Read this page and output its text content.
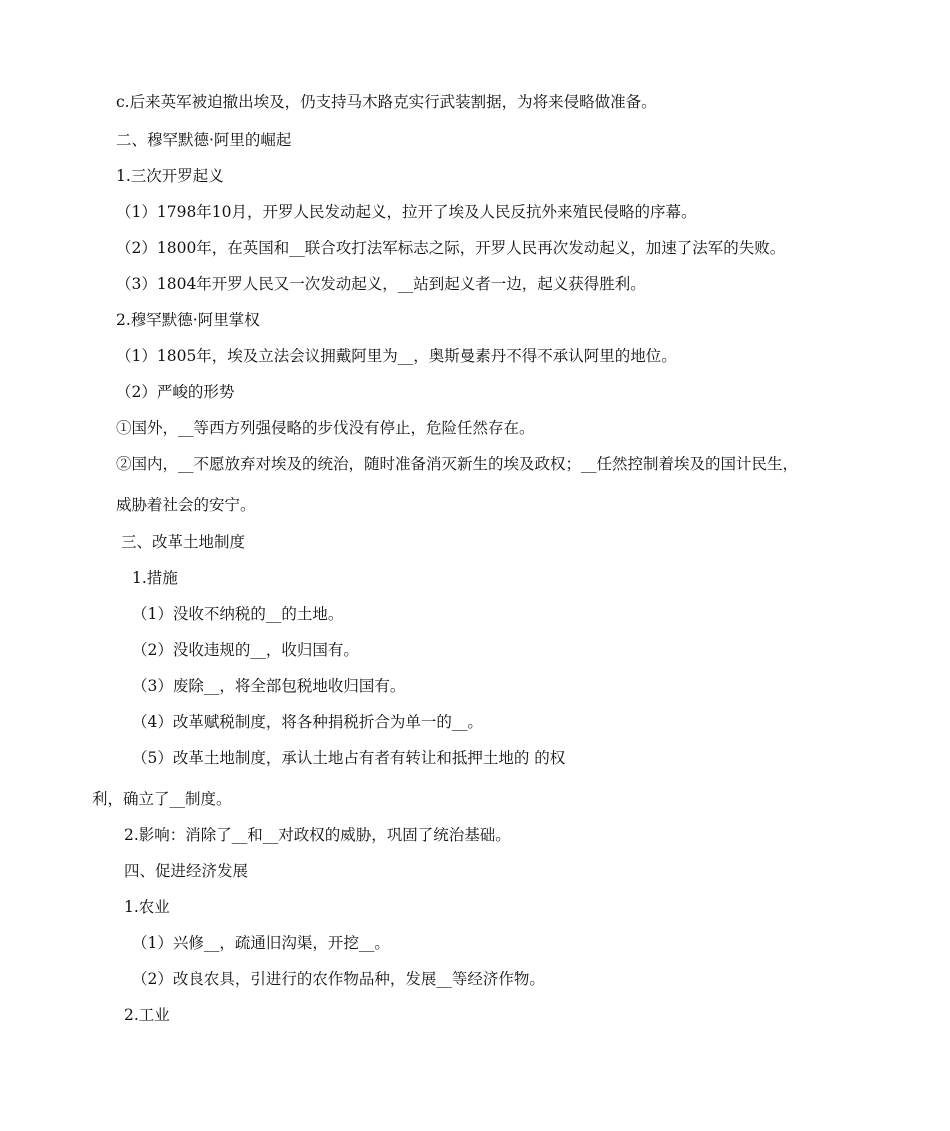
c.后来英军被迫撤出埃及，仍支持马木路克实行武装割据，为将来侵略做准备。
二、穆罕默德·阿里的崛起
1.三次开罗起义
（1）1798年10月，开罗人民发动起义，拉开了埃及人民反抗外来殖民侵略的序幕。
（2）1800年，在英国和__联合攻打法军标志之际，开罗人民再次发动起义，加速了法军的失败。
（3）1804年开罗人民又一次发动起义，__站到起义者一边，起义获得胜利。
2.穆罕默德·阿里掌权
（1）1805年，埃及立法会议拥戴阿里为__，奥斯曼素丹不得不承认阿里的地位。
（2）严峻的形势
①国外，__等西方列强侵略的步伐没有停止，危险任然存在。
②国内，__不愿放弃对埃及的统治，随时准备消灭新生的埃及政权；__任然控制着埃及的国计民生，
威胁着社会的安宁。
三、改革土地制度
1.措施
（1）没收不纳税的__的土地。
（2）没收违规的__，收归国有。
（3）废除__，将全部包税地收归国有。
（4）改革赋税制度，将各种捐税折合为单一的__。
（5）改革土地制度，承认土地占有者有转让和抵押土地的 的权
利，确立了__制度。
2.影响：消除了__和__对政权的威胁，巩固了统治基础。
四、促进经济发展
1.农业
（1）兴修__，疏通旧沟渠，开挖__。
（2）改良农具，引进行的农作物品种，发展__等经济作物。
2.工业
